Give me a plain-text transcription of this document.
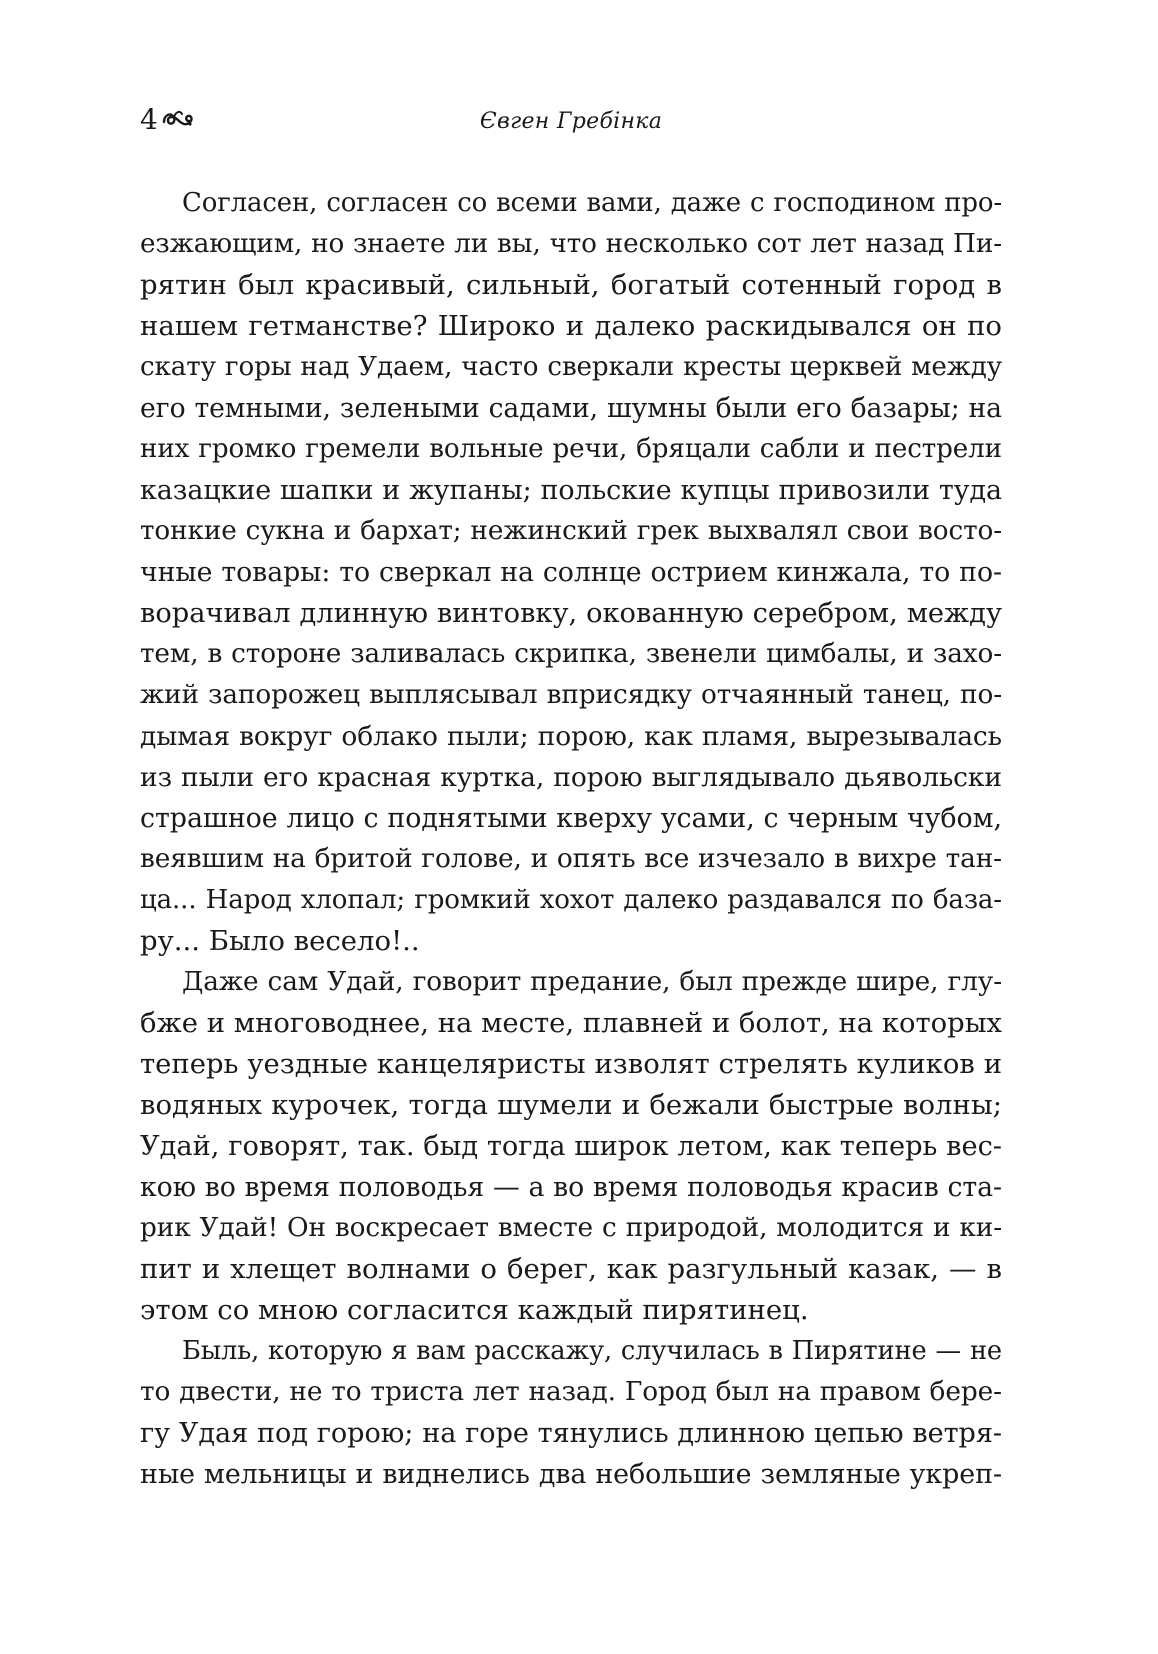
4	Євген Гребінка
Согласен, согласен со всеми вами, даже с господином про-
езжающим, но знаете ли вы, что несколько сот лет назад Пи-
рятин был красивый, сильный, богатый сотенный город в
нашем гетманстве? Широко и далеко раскидывался он по
скату горы над Удаем, часто сверкали кресты церквей между
его темными, зелеными садами, шумны были его базары; на
них громко гремели вольные речи, бряцали сабли и пестрели
казацкие шапки и жупаны; польские купцы привозили туда
тонкие сукна и бархат; нежинский грек выхвалял свои восто-
чные товары: то сверкал на солнце острием кинжала, то по-
ворачивал длинную винтовку, окованную серебром, между
тем, в стороне заливалась скрипка, звенели цимбалы, и захо-
жий запорожец выплясывал вприсядку отчаянный танец, по-
дымая вокруг облако пыли; порою, как пламя, вырезывалась
из пыли его красная куртка, порою выглядывало дьявольски
страшное лицо с поднятыми кверху усами, с черным чубом,
веявшим на бритой голове, и опять все изчезало в вихре тан-
ца... Народ хлопал; громкий хохот далеко раздавался по база-
ру... Было весело!..
Даже сам Удай, говорит предание, был прежде шире, глу-
бже и многоводнее, на месте, плавней и болот, на которых
теперь уездные канцеляристы изволят стрелять куликов и
водяных курочек, тогда шумели и бежали быстрые волны;
Удай, говорят, так. быд тогда широк летом, как теперь вес-
кою во время половодья — а во время половодья красив ста-
рик Удай! Он воскресает вместе с природой, молодится и ки-
пит и хлещет волнами о берег, как разгульный казак, — в
этом со мною согласится каждый пирятинец.
Быль, которую я вам расскажу, случилась в Пирятине — не
то двести, не то триста лет назад. Город был на правом бере-
гу Удая под горою; на горе тянулись длинною цепью ветря-
ные мельницы и виднелись два небольшие земляные укреп-
